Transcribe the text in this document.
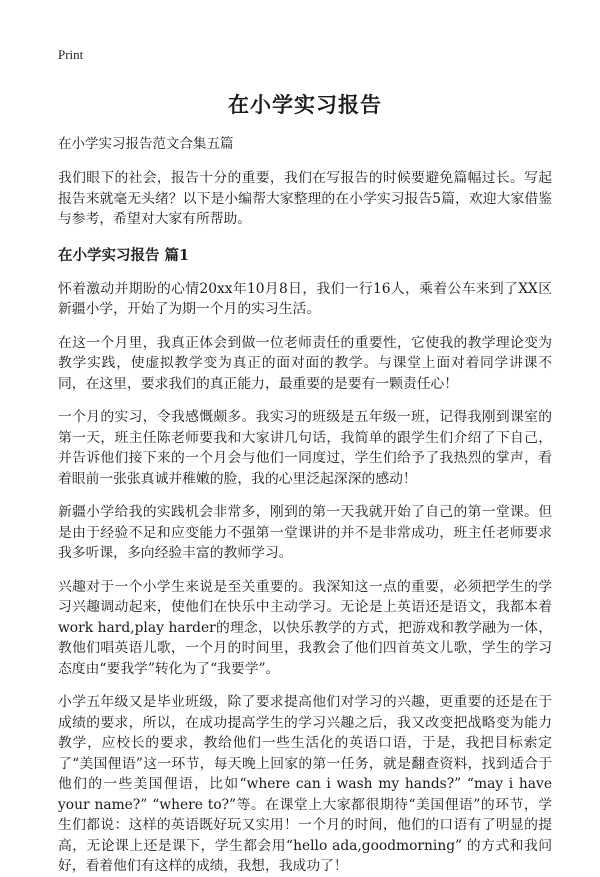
Print
在小学实习报告
在小学实习报告范文合集五篇

我们眼下的社会，报告十分的重要，我们在写报告的时候要避免篇幅过长。写起报告来就毫无头绪？以下是小编帮大家整理的在小学实习报告5篇，欢迎大家借鉴与参考，希望对大家有所帮助。

在小学实习报告 篇1

怀着激动并期盼的心情20xx年10月8日，我们一行16人，乘着公车来到了XX区新疆小学，开始了为期一个月的实习生活。

在这一个月里，我真正体会到做一位老师责任的重要性，它使我的教学理论变为教学实践，使虚拟教学变为真正的面对面的教学。与课堂上面对着同学讲课不同，在这里，要求我们的真正能力，最重要的是要有一颗责任心！

一个月的实习，令我感慨颇多。我实习的班级是五年级一班，记得我刚到课室的第一天，班主任陈老师要我和大家讲几句话，我简单的跟学生们介绍了下自己，并告诉他们接下来的一个月会与他们一同度过，学生们给予了我热烈的掌声，看着眼前一张张真诚并稚嫩的脸，我的心里泛起深深的感动！

新疆小学给我的实践机会非常多，刚到的第一天我就开始了自己的第一堂课。但是由于经验不足和应变能力不强第一堂课讲的并不是非常成功，班主任老师要求我多听课，多向经验丰富的教师学习。

兴趣对于一个小学生来说是至关重要的。我深知这一点的重要，必须把学生的学习兴趣调动起来，使他们在快乐中主动学习。无论是上英语还是语文，我都本着work hard,play harder的理念，以快乐教学的方式，把游戏和教学融为一体，教他们唱英语儿歌，一个月的时间里，我教会了他们四首英文儿歌，学生的学习态度由“要我学”转化为了“我要学”。

小学五年级又是毕业班级，除了要求提高他们对学习的兴趣，更重要的还是在于成绩的要求，所以，在成功提高学生的学习兴趣之后，我又改变把战略变为能力教学，应校长的要求，教给他们一些生活化的英语口语，于是，我把目标索定了“美国俚语”这一环节，每天晚上回家的第一任务，就是翻查资料，找到适合于他们的一些美国俚语，比如“where can i wash my hands?” “may i have your name?” “where to?”等。在课堂上大家都很期待“美国俚语”的环节，学生们都说：这样的英语既好玩又实用！一个月的时间，他们的口语有了明显的提高，无论课上还是课下，学生都会用“hello ada,goodmorning” 的方式和我问好，看着他们有这样的成绩，我想，我成功了！
